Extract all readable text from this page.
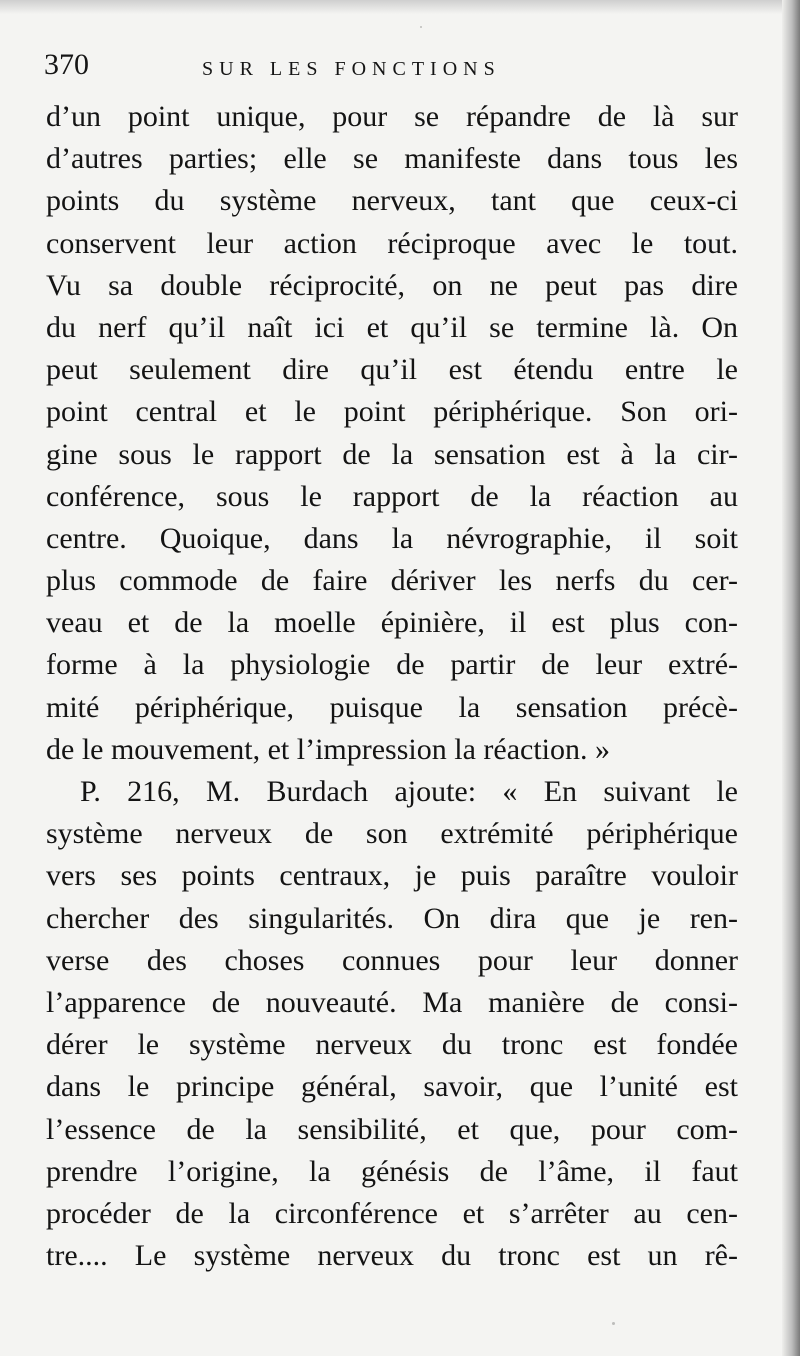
370	SUR LES FONCTIONS
d’un point unique, pour se répandre de là sur
d’autres parties; elle se manifeste dans tous les
points du système nerveux, tant que ceux-ci
conservent leur action réciproque avec le tout.
Vu sa double réciprocité, on ne peut pas dire
du nerf qu’il naît ici et qu’il se termine là. On
peut seulement dire qu’il est étendu entre le
point central et le point périphérique. Son ori-
gine sous le rapport de la sensation est à la cir-
conférence, sous le rapport de la réaction au
centre. Quoique, dans la névrographie, il soit
plus commode de faire dériver les nerfs du cer-
veau et de la moelle épinière, il est plus con-
forme à la physiologie de partir de leur extré-
mité périphérique, puisque la sensation précè-
de le mouvement, et l’impression la réaction. »
P. 216, M. Burdach ajoute: « En suivant le
système nerveux de son extrémité périphérique
vers ses points centraux, je puis paraître vouloir
chercher des singularités. On dira que je ren-
verse des choses connues pour leur donner
l’apparence de nouveauté. Ma manière de consi-
dérer le système nerveux du tronc est fondée
dans le principe général, savoir, que l’unité est
l’essence de la sensibilité, et que, pour com-
prendre l’origine, la génésis de l’âme, il faut
procéder de la circonférence et s’arrêter au cen-
tre.... Le système nerveux du tronc est un rê-
